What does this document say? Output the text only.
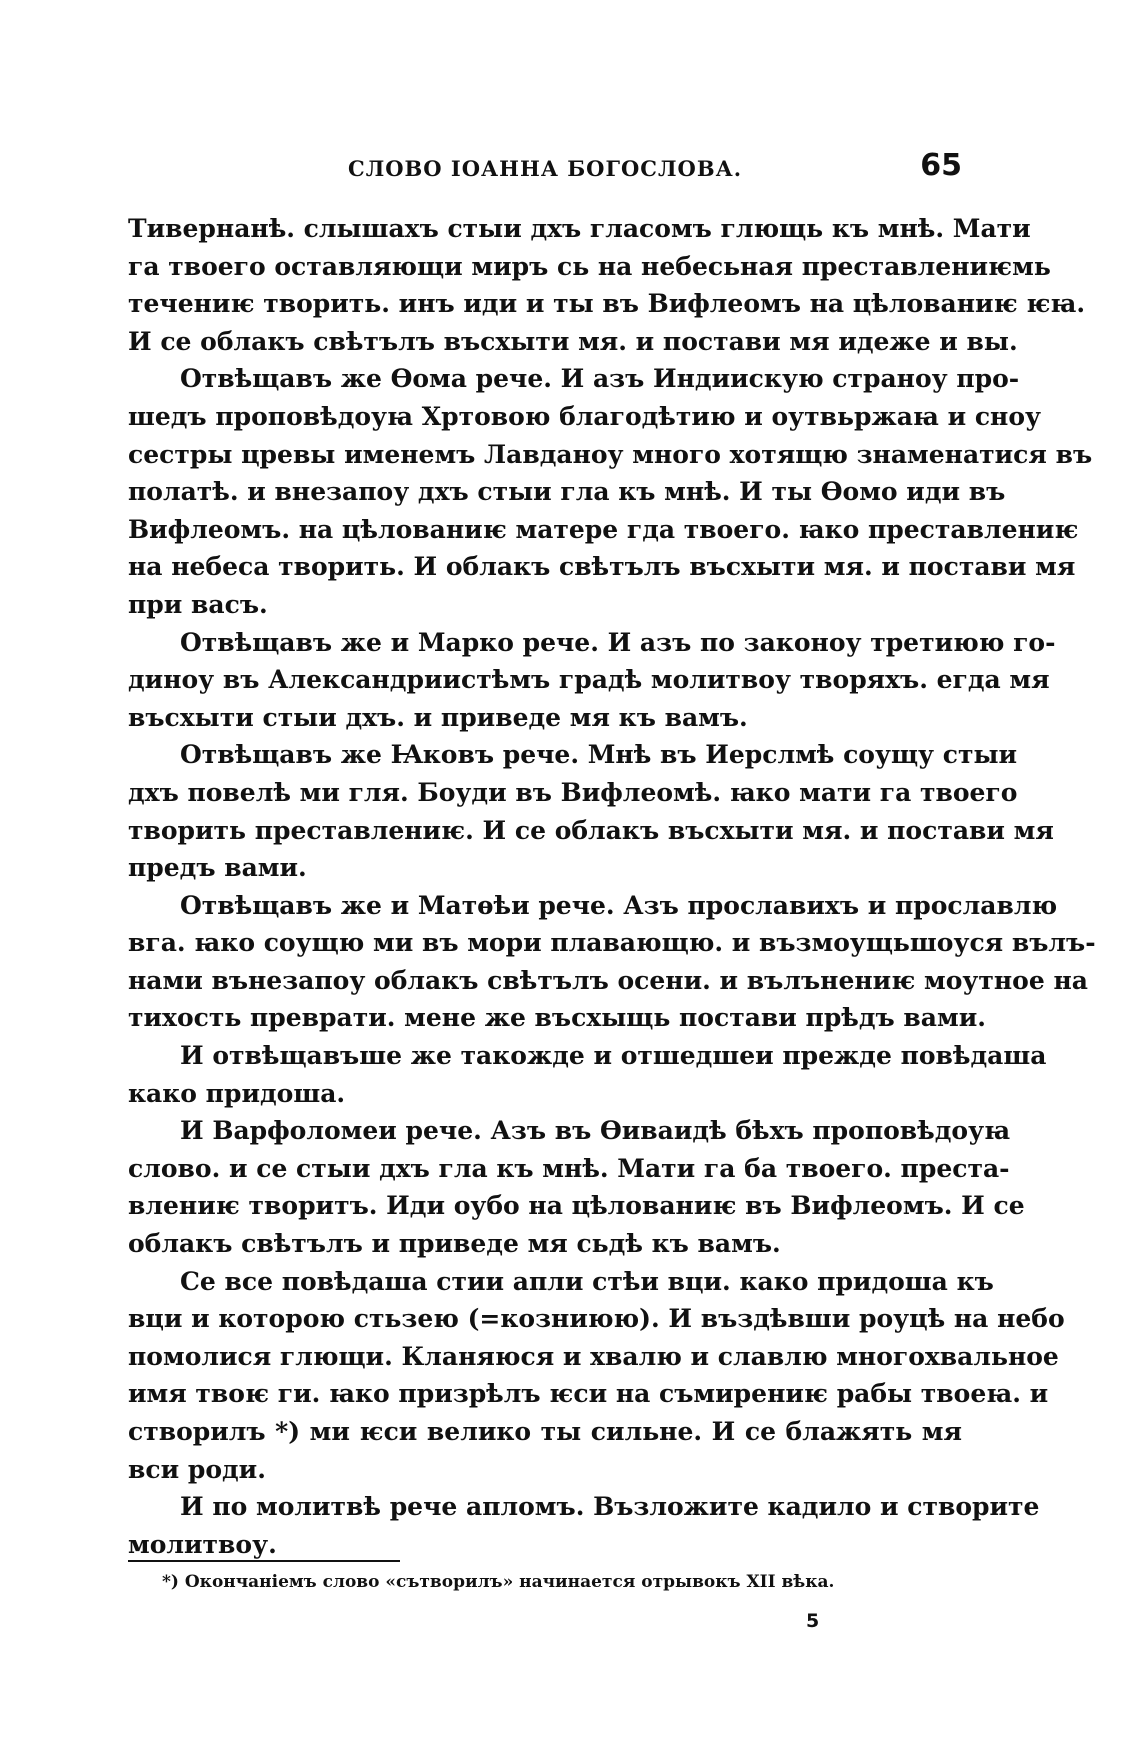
СЛОВО ІОАННА БОГОСЛОВА.	65
Тивернанѣ. слышахъ стыи дхъ гласомъ глющь къ мнѣ. Мати
га твоего оставляющи миръ сь на небесьная преставлениѥмь
течениѥ творить. инъ иди и ты въ Вифлеомъ на цѣлованиѥ ѥꙗ.
И се облакъ свѣтълъ въсхыти мя. и постави мя идеже и вы.
Отвѣщавъ же Ѳома рече. И азъ Индиискую страноу про-
шедъ проповѣдоуꙗ Хртовою благодѣтию и оутвьржаꙗ и сноу
сестры цревы именемъ Лавданоу много хотящю знаменатися въ
полатѣ. и внезапоу дхъ стыи гла къ мнѣ. И ты Ѳомо иди въ
Вифлеомъ. на цѣлованиѥ матере гда твоего. ꙗко преставлениѥ
на небеса творить. И облакъ свѣтълъ въсхыти мя. и постави мя
при васъ.
Отвѣщавъ же и Марко рече. И азъ по законоу третиюю го-
диноу въ Александриистѣмъ градѣ молитвоу творяхъ. егда мя
въсхыти стыи дхъ. и приведе мя къ вамъ.
Отвѣщавъ же Ꙗковъ рече. Мнѣ въ Иерслмѣ соущу стыи
дхъ повелѣ ми гля. Боуди въ Вифлеомѣ. ꙗко мати га твоего
творить преставлениѥ. И се облакъ въсхыти мя. и постави мя
предъ вами.
Отвѣщавъ же и Матѳѣи рече. Азъ прославихъ и прославлю
вга. ꙗко соущю ми въ мори плавающю. и възмоущьшоуся вълъ-
нами вънезапоу облакъ свѣтълъ осени. и вълънениѥ моутное на
тихость преврати. мене же въсхыщь постави прѣдъ вами.
И отвѣщавъше же такожде и отшедшеи прежде повѣдаша
како придоша.
И Варфоломеи рече. Азъ въ Ѳиваидѣ бѣхъ проповѣдоуꙗ
слово. и се стыи дхъ гла къ мнѣ. Мати га ба твоего. преста-
влениѥ творитъ. Иди оубо на цѣлованиѥ въ Вифлеомъ. И се
облакъ свѣтълъ и приведе мя сьдѣ къ вамъ.
Се все повѣдаша стии апли стѣи вци. како придоша къ
вци и которою стьзею (=козниюю). И въздѣвши роуцѣ на небо
помолися глющи. Кланяюся и хвалю и славлю многохвальное
имя твоѥ ги. ꙗко призрѣлъ ѥси на съмирениѥ рабы твоеꙗ. и
створилъ *) ми ѥси велико ты сильне. И се блажять мя
вси роди.
И по молитвѣ рече апломъ. Възложите кадило и створите
молитвоу.
*) Окончаніемъ слово «сътворилъ» начинается отрывокъ XII вѣка.
5
